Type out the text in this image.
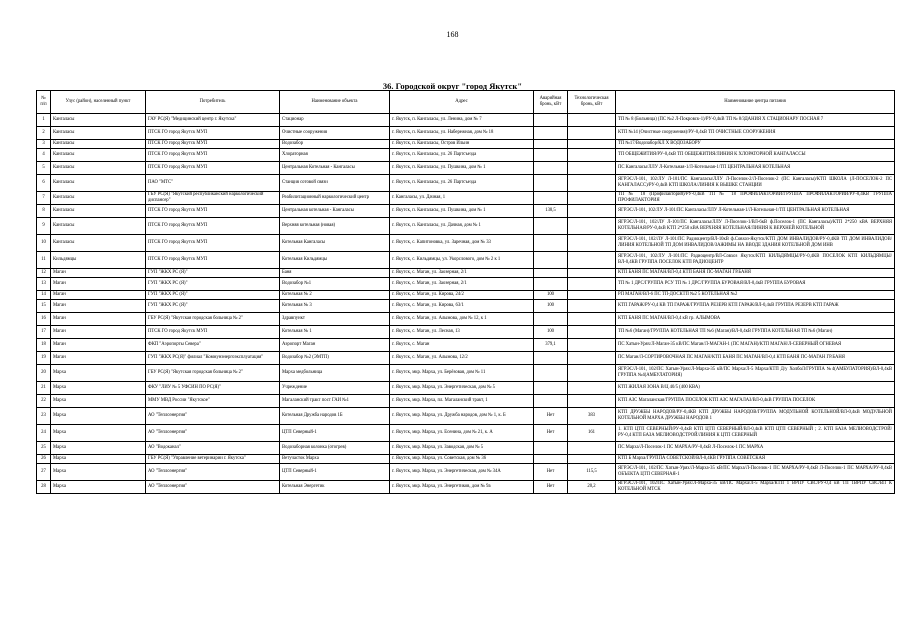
168
36. Городской округ "город Якутск"
№ п/п	Улус (район), населенный пункт	Потребитель	Наименование объекта	Адрес	Аварийная бронь, кВт	Технологическая бронь, кВт	Наименование центра питания
1	Кангаласы	ГАУ РС(Я) "Медицинский центр г. Якутска"	Стационар	г. Якутск, п. Кангаласы, ул. Ленина, дом № 7			ТП № 8 (Больница) (ПС №2 Л-Покровск-1)/РУ-0,4кВ ТП № 8/ЗДАНИЯ Х СТАЦИОНАРУ ПОСНАЯ 7
2	Кангаласы	ПТСК ГО город Якутск МУП	Очистные сооружения	г. Якутск, п. Кангаласы, ул. Набережная, дом № 18			КТП №14 (Очистные сооружения)/РУ-0,4кВ ТП ОЧИСТНЫЕ СООРУЖЕНИЯ
3	Кангаласы	ПТСК ГО город Якутск МУП	Водозабор	г. Якутск, п. Кангаласы, Остров Ильин			ТП №17/Водозабор/КЛ Х ВОДОЗАБОРУ
4	Кангаласы	ПТСК ГО город Якутск МУП	Хлораторная	г. Якутск, п. Кангаласы, ул. 26 Партсъезда			ТП ОБЩЕЖИТИЯ/РУ-0,4кВ ТП ОБЩЕЖИТИЯ/ЛИНИЯ К ХЛОРАТОРНОЙ КАНГАЛАССЫ
5	Кангаласы	ПТСК ГО город Якутск МУП	Центральная Котельная - Кангаласы	г. Якутск, п. Кангаласы, ул. Пушкина, дом № 1			ПС Кангаласы/ЛЛУ Л-Котельная-1/Л-Котельная-1/ТП ЦЕНТРАЛЬНАЯ КОТЕЛЬНАЯ
6	Кангаласы	ПАО "МТС"	Станция сотовой связи	г. Якутск, п. Кангаласы, ул. 26 Партсъезда			ЯГРЭС/Л-101, 102/ЛУ Л-101/ПС Кангаласы/ЛЛУ Л-Поселок-2/Л-Поселок-2 (ПС Кангаласы)/КТП ШКОЛА (Л-ПОСЕЛОК-2 ПС КАНГАЛАСС)/РУ-0,4кВ КТП ШКОЛА/ЛИНИЯ К ВЫШКЕ СТАНЦИИ
7	Кангаласы	ГБУ РС(Я) "Якутский республиканский наркологический диспансер"	Реабилитационный наркологический центр	г. Кангаласы, ул. Дачная, 1			ТП № 18 (Профилакторий)/РУ-0,4кВ ТП № 18 ПРОФИЛАКТОРИЙ/ГРУППА ПРОФИЛАКТОРИЙ/РУ-0,4КВ ГРУППА ПРОФИЛАКТОРИЯ
8	Кангаласы	ПТСК ГО город Якутск МУП	Центральная котельная - Кангаласы	г. Якутск, п. Кангаласы, ул. Пушкина, дом № 1	138,5		ЯГРЭС/Л-101, 102/ЛУ Л-101/ПС Кангаласы/ЛЛУ Л-Котельная-1/Л-Котельная-1/ТП ЦЕНТРАЛЬНАЯ КОТЕЛЬНАЯ
9	Кангаласы	ПТСК ГО город Якутск МУП	Верхняя котельная (новая)	г. Якутск, п. Кангаласы, ул. Дачная, дом № 1			ЯГРЭС/Л-101, 102/ЛУ Л-101/ПС Кангаласы/ЛЛУ Л-Поселок-1/ВЛ-6кВ ф.Поселок-1 (ПС Кангаласы)/КТП 2*250 кВА ВЕРХНЯЯ КОТЕЛЬНАЯ/РУ-0,4кВ КТП 2*250 кВА ВЕРХНЯЯ КОТЕЛЬНАЯ/ЛИНИЯ К ВЕРХНЕЙ КОТЕЛЬНОЙ
10	Кангаласы	ПТСК ГО город Якутск МУП	Котельная Кангаласы	г. Якутск, с. Капитоновка, ул. Заречная, дом № 33			ЯГРЭС/Л-101, 102/ЛУ Л-101/ПС Радиоцентр/ВЛ-10кВ ф.Совхоз-Якутск/КТП ДОМ ИНВАЛИДОВ/РУ-0,4КВ ТП ДОМ ИНВАЛИДОВ/ЛИНИЯ КОТЕЛЬНОЙ ТП ДОМ ИНВАЛИДОВ/ЗАЖИМЫ НА ВВОДЕ ЗДАНИЯ КОТЕЛЬНОЙ ДОМ ИНВ
11	Кильдямцы	ПТСК ГО город Якутск МУП	Котельная Кильдямцы	г. Якутск, с. Кильдямцы, ул. Укорслового, дом № 2 к 1			ЯГРЭС/Л-101, 102/ЛУ Л-101/ПС Радиоцентр/ВЛ-Совхоз Якутск/КТП КИЛЬДЯМЦЫ/РУ-0,4КВ ПОСЕЛОК КТП КИЛЬДЯМЦЫ/ВЛ-0,4КВ ГРУППА ПОСЕЛОК КТП РАДИОЦЕНТР
12	Маган	ГУП "ЖКХ РС (Я)"	Баня	г. Якутск, с. Маган, ул. Заозерная, 2/1			КТП БАНЯ ПС МАГАН/ВЛ-0,4 КТП БАНЯ ПС-МАГАН ГР.БАНЯ
13	Маган	ГУП "ЖКХ РС (Я)"	Водозабор №1	г. Якутск, с. Маган, ул. Заозерная, 2/1			ТП № 1 ДРС/ГРУППА РСУ ТП № 1 ДРС/ГРУППА БУРОВАЯ/ВЛ-0,4кВ ГРУППА БУРОВАЯ
14	Маган	ГУП "ЖКХ РС (Я)"	Котельная № 2	г. Якутск, с. Маган, ул. Кирова, 24/2	100		РП МАГАН/ВЛ-6 ПС ТП-ДОСКТП №2 5 КОТЕЛЬНАЯ №2
15	Маган	ГУП "ЖКХ РС (Я)"	Котельная № 3	г. Якутск, с. Маган, ул. Кирова, 63/1	100		КТП ГАРАЖ/РУ-0,4 КВ ТП ГАРАЖ/ГРУППА РЕЗЕРВ КТП ГАРАЖ/ВЛ-0,4кВ ГРУППА РЕЗЕРВ КТП ГАРАЖ
16	Маган	ГБУ РС(Я) "Якутская городская больница № 2"	Здравпункт	г. Якутск, с. Маган, ул. Алымова, дом № 12, к 1			КТП БАНЯ ПС МАГАН/ВЛ-0,4 кВ гр. АЛЫМОВА
17	Маган	ПТСК ГО город Якутск МУП	Котельная № 1	г. Якутск, с. Маган, ул. Лесная, 13	100		ТП №6 (Маган)/ГРУППА КОТЕЛЬНАЯ ТП №6 (Маган)/ВЛ-0,4кВ ГРУППА КОТЕЛЬНАЯ ТП №6 (Маган)
18	Маган	ФКП "Аэропорты Севера"	Аэропорт Маган	г. Якутск, с. Маган	379,1		ПС Хатын-Урях/Л-Маган-35 кВ/ПС Маган/Л-МАГАН-1 (ПС МАГАН)/КТП МАГАН/Л-СЕВЕРНЫЙ ОГНЕВАЯ
19	Маган	ГУП "ЖКХ РС(Я)" филиал "Коммунэнергоэксплуатация"	Водозабор №2 (ЭМТП)	г. Якутск, с. Маган, ул. Алымова, 12/2			ПС Маган/Л-СОРТИРОВОЧНАЯ ПС МАГАН/КТП БАНЯ ПС МАГАН/ВЛ-0,4 КТП БАНЯ ПС-МАГАН ГР.БАНЯ
20	Марха	ГБУ РС(Я) "Якутская городская больница № 2"	Марха медбольница	г. Якутск, мкр. Марха, ул. Берёзовая, дом № 11			ЯГРЭС/Л-101, 102/ПС Хатын-Урях/Л-Марха-35 кВ/ПС Марха/Л-5 Марха/КТП Д/у ХолбоЛ/ГРУППА №4(АМБУЛАТОРИЯ)/ВЛ-0,4кВ ГРУППА №4(АМБУЛАТОРИЯ)
21	Марха	ФКУ "ЛИУ № 5 УФСИН ПО РС(Я)"	Учреждение	г. Якутск, мкр. Марха, ул. Энергетическая, дом № 5			КТП ЖИЛАЯ ЗОНА В/Ц 40/5 (400 КВА)
22	Марха	ММУ МВД России "Якутское"	Магаланский тракт пост ГАИ №1	г. Якутск, мкр. Марха, пл. Магаланский тракт, 1			КТП АЗС Магаланская/ГРУППА ПОСЕЛОК КТП АЗС МАГАЛАЗ/ВЛ-0,4кВ ГРУППА ПОСЕЛОК
23	Марха	АО "Теплоэнергия"	Котельная Дружба народов 1Б	г. Якутск, мкр. Марха, ул. Дружба народов, дом № 1, к. Б	Нет	383	КТП ДРУЖБЫ НАРОДОВ/РУ-0,4КВ КТП ДРУЖБЫ НАРОДОВ/ГРУППА МОДУЛЬНОЙ КОТЕЛЬНОЙ/ВЛ-0,4кВ МОДУЛЬНОЙ КОТЕЛЬНОЙ МАРХА ДРУЖБЫ НАРОДОВ 1
24	Марха	АО "Теплоэнергия"	ЦТП Северный-1	г. Якутск, мкр. Марха, ул. Есенина, дом № 21, к. А	Нет	161	1. КТП ЦТП СЕВЕРНЫЙ/РУ-0,4кВ КТП ЦТП СЕВЕРНЫЙ/ВЛ-0,4кВ КТП ЦТП СЕВЕРНЫЙ ; 2. КТП БАЗА МЕЛИОВОДСТРОЙ/РУ-0,4 КТП БАЗА МЕЛИОВОДСТРОЙ/ЛИНИЯ К ЦТП СЕВЕРНЫЙ
25	Марха	АО "Водоканал"	Водозаборная колонка (отогрев)	г. Якутск, мкр. Марха, ул. Заводская, дом № 5			ПС Марха/Л-Поселок-1 ПС МАРХА/РУ-0,4кВ Л-Поселок-1 ПС МАРХА
26	Марха	ГБУ РС(Я) "Управление ветеринарии г. Якутска"	Ветучасток Марха	г. Якутск, мкр. Марха, ул. Советская, дом № 36			КТП Б Марха/ГРУППА СОВЕТСКОЙ/ВЛ-0,4КВ ГРУППА СОВЕТСКАЯ
27	Марха	АО "Теплоэнергия"	ЦТП Северный-1	г. Якутск, мкр. Марха, ул. Энергетическая, дом № 34А	Нет	115,5	ЯГРЭС/Л-101, 102/ПС Хатын-Урях/Л-Марха-35 кВ/ПС Марха/Л-Поселок-1 ПС МАРХА/РУ-0,4кВ Л-Поселок-1 ПС МАРХА/РУ-0,4кВ ОБЪЕКТА ЦТП СЕВЕРНАЯ-1
28	Марха	АО "Теплоэнергия"	Котельная Энергетик	г. Якутск, мкр. Марха, ул. Энергетиков, дом № 9а	Нет	20,2	ЯГРЭС/Л-101, 102/ПС Хатын-Урях/Л-Марха-35 кВ/ПС Марха/Л-5 Марха/КТП 1 ВРПУ СВС/РУ-0,4 кВ ТП 1ВРПУ СВС/ВЛ К КОТЕЛЬНОЙ МТСК
